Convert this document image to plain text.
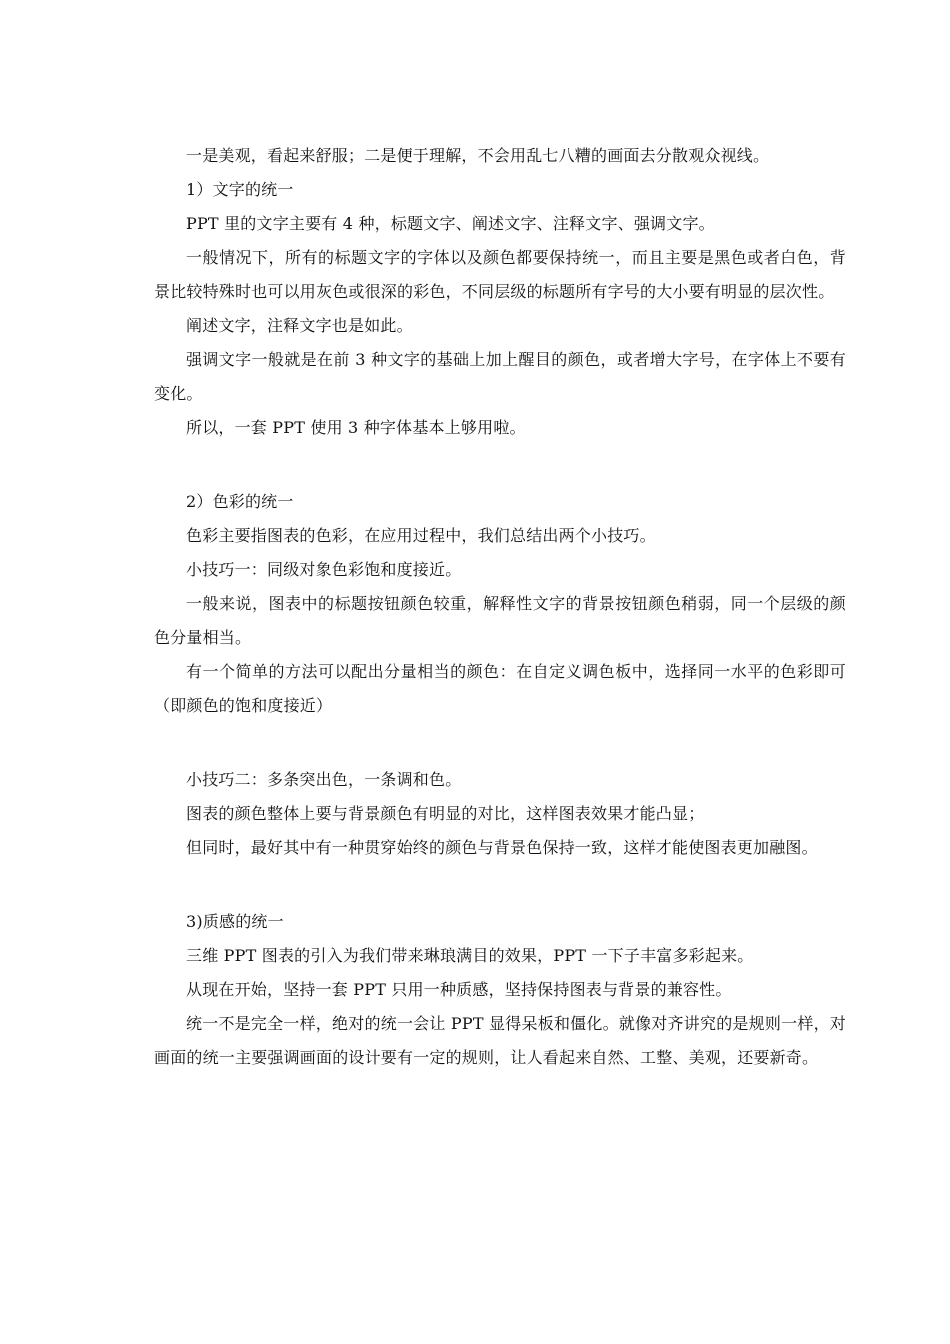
一是美观，看起来舒服；二是便于理解，不会用乱七八糟的画面去分散观众视线。

1）文字的统一

PPT 里的文字主要有 4 种，标题文字、阐述文字、注释文字、强调文字。

一般情况下，所有的标题文字的字体以及颜色都要保持统一，而且主要是黑色或者白色，背景比较特殊时也可以用灰色或很深的彩色，不同层级的标题所有字号的大小要有明显的层次性。

阐述文字，注释文字也是如此。

强调文字一般就是在前 3 种文字的基础上加上醒目的颜色，或者增大字号，在字体上不要有变化。

所以，一套 PPT 使用 3 种字体基本上够用啦。

2）色彩的统一

色彩主要指图表的色彩，在应用过程中，我们总结出两个小技巧。

小技巧一：同级对象色彩饱和度接近。

一般来说，图表中的标题按钮颜色较重，解释性文字的背景按钮颜色稍弱，同一个层级的颜色分量相当。

有一个简单的方法可以配出分量相当的颜色：在自定义调色板中，选择同一水平的色彩即可（即颜色的饱和度接近）

小技巧二：多条突出色，一条调和色。

图表的颜色整体上要与背景颜色有明显的对比，这样图表效果才能凸显；

但同时，最好其中有一种贯穿始终的颜色与背景色保持一致，这样才能使图表更加融图。

3)质感的统一

三维 PPT 图表的引入为我们带来琳琅满目的效果，PPT 一下子丰富多彩起来。

从现在开始，坚持一套 PPT 只用一种质感，坚持保持图表与背景的兼容性。

统一不是完全一样，绝对的统一会让 PPT 显得呆板和僵化。就像对齐讲究的是规则一样，对画面的统一主要强调画面的设计要有一定的规则，让人看起来自然、工整、美观，还要新奇。
